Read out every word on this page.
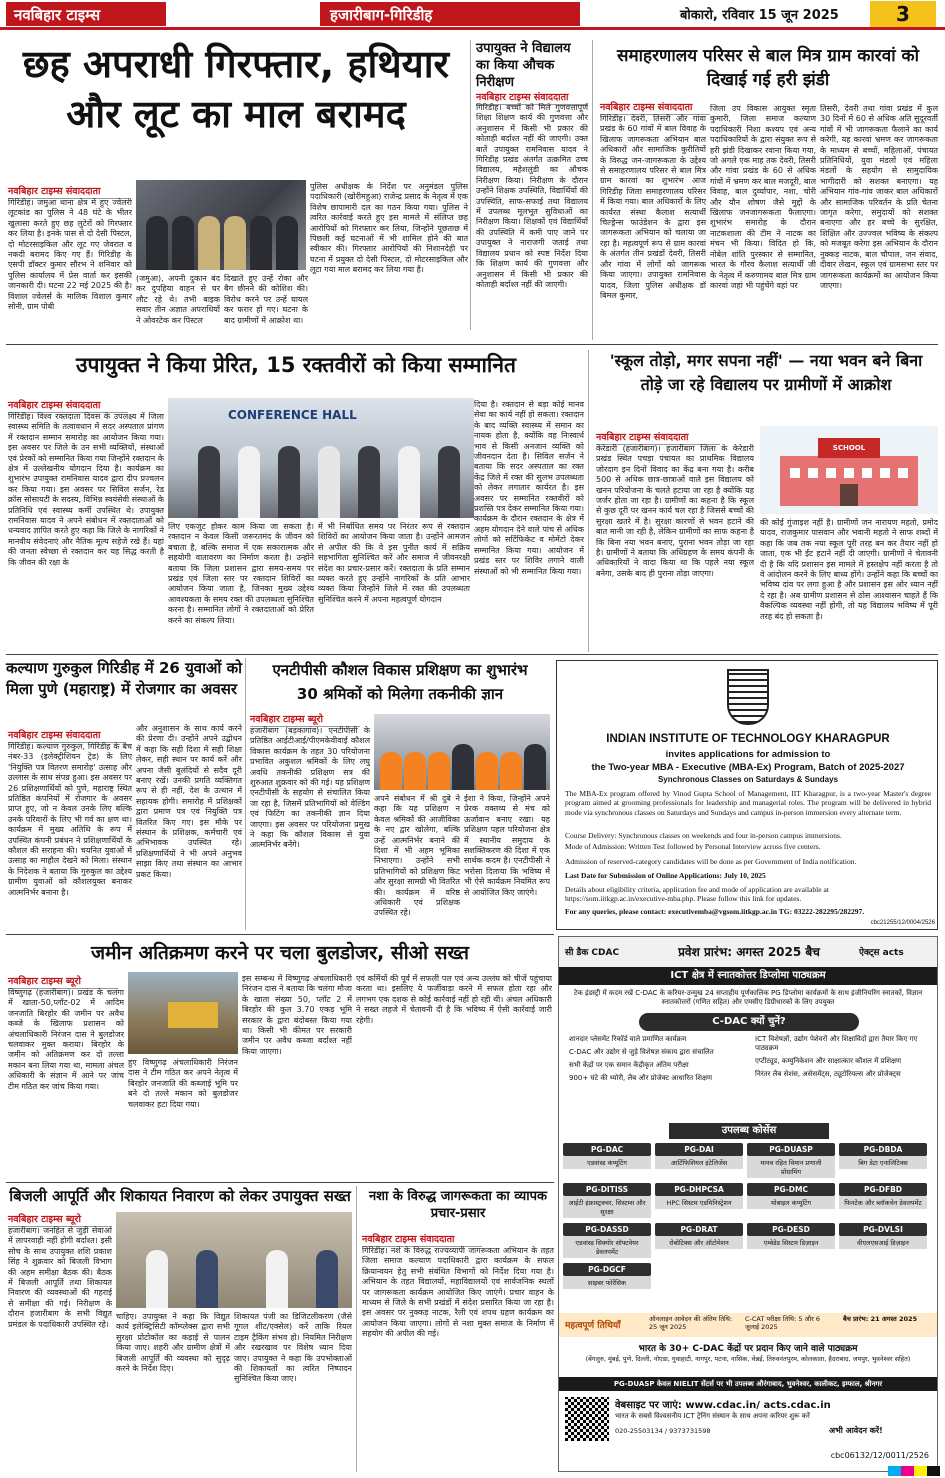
नवबिहार टाइम्स	हजारीबाग-गिरिडीह	बोकारो, रविवार 15 जून 2025	3
छह अपराधी गिरफ्तार, हथियार
और लूट का माल बरामद
नवबिहार टाइम्स संवाददाता
गिरिडीह। जमुआ थाना क्षेत्र में हुए ज्वेलरी लूटकांड का पुलिस ने 48 घंटे के भीतर खुलासा करते हुए छह लुटेरों को गिरफ्तार कर लिया है। इनके पास से दो देसी पिस्टल, दो मोटरसाइकिल और लूट गए जेवरात व नकदी बरामद किए गए हैं। गिरिडीह के एसपी डॉक्टर कुमार सौरभ ने शनिवार को पुलिस कार्यालय में प्रेस वार्ता कर इसकी जानकारी दी। घटना 22 मई 2025 की है। विशाल ज्वेलर्स के मालिक विशाल कुमार सोनी, ग्राम पोबी
(जमुआ), अपनी दुकान बंद कर दुपहिया वाहन से घर लौट रहे थे। तभी बाइक सवार तीन अज्ञात अपराधियों ने ओवरटेक कर पिस्टल
दिखाते हुए उन्हें रोका और बैग छीनने की कोशिश की। विरोध करने पर उन्हें घायल कर फरार हो गए। घटना के बाद ग्रामीणों में आक्रोश था।
पुलिस अधीक्षक के निर्देश पर अनुमंडल पुलिस पदाधिकारी (खोरीमहुआ) राजेन्द्र प्रसाद के नेतृत्व में एक विशेष छापामारी दल का गठन किया गया। पुलिस ने त्वरित कार्रवाई करते हुए इस मामले में संलिप्त छह आरोपियों को गिरफ्तार कर लिया, जिन्होंने पूछताछ में पिछली कई घटनाओं में भी शामिल होने की बात स्वीकार की। गिरफ्तार आरोपियों की निशानदेही पर घटना में प्रयुक्त दो देसी पिस्टल, दो मोटरसाइकिल और लूटा गया माल बरामद कर लिया गया है।
उपायुक्त ने विद्यालय का किया औचक निरीक्षण
नवबिहार टाइम्स संवाददाता
गिरिडीह। बच्चों को मिले गुणवत्तापूर्ण शिक्षा शिक्षण कार्य की गुणवत्ता और अनुशासन में किसी भी प्रकार की कोताही बर्दाश्त नहीं की जाएगी। उक्त बातें उपायुक्त रामनिवास यादव ने गिरिडीह प्रखंड अंतर्गत उत्क्रमित उच्च विद्यालय, महेशलुंडी का औचक निरीक्षण किया। निरीक्षण के दौरान उन्होंने शिक्षक उपस्थिति, विद्यार्थियों की उपस्थिति, साफ-सफाई तथा विद्यालय में उपलब्ध मूलभूत सुविधाओं का निरीक्षण किया। शिक्षकों एवं विद्यार्थियों की उपस्थिति में कमी पाए जाने पर उपायुक्त ने नाराजगी जताई तथा विद्यालय प्रधान को स्पष्ट निर्देश दिया कि शिक्षण कार्य की गुणवत्ता और अनुशासन में किसी भी प्रकार की कोताही बर्दाश्त नहीं की जाएगी।
समाहरणालय परिसर से बाल मित्र ग्राम कारवां को दिखाई गई हरी झंडी
नवबिहार टाइम्स संवाददाता
गिरिडीह। देवरी, तिसरी और गांवा प्रखंड के 60 गांवों में बाल विवाह के खिलाफ जागरूकता अभियान बाल अधिकारों और सामाजिक कुरीतियों के विरुद्ध जन-जागरूकता के उद्देश्य से समाहरणालय परिसर से बाल मित्र ग्राम कारवां का शुभारंभ आज गिरिडीह जिला समाहरणालय परिसर में किया गया। बाल अधिकारों के लिए कार्यरत संस्था कैलाश सत्यार्थी चिल्ड्रेन्स फाउंडेशन के द्वारा इस जागरूकता अभियान को चलाया जा रहा है। महत्वपूर्ण रूप से ग्राम कारवां के अंतर्गत तीन प्रखंडों देवरी, तिसरी और गांवा में लोगों को जागरूक किया जाएगा। उपायुक्त रामनिवास यादव, जिला पुलिस अधीक्षक डॉ बिमल कुमार,
जिला उप विकास आयुक्त स्मृता कुमारी, जिला समाज कल्याण पदाधिकारी निशा कश्यप एवं अन्य पदाधिकारियों के द्वारा संयुक्त रूप से हरी झंडी दिखाकर रवाना किया गया, जो अगले एक माह तक देवरी, तिसरी और गांवा प्रखंड के 60 से अधिक गांवों में भ्रमण कर बाल मजदूरी, बाल विवाह, बाल दुर्व्यापार, नशा, चोरी और यौन शोषण जैसे मुद्दों के खिलाफ जनजागरूकता फैलाएगा। शुभारंभ समारोह के दौरान नाटकशाला की टीम ने नाटक का मंचन भी किया। विदित हो कि, नोबेल शांति पुरस्कार से सम्मानित, भारत के गौरव कैलाश सत्यार्थी जी के नेतृत्व में करुणामय बाल मित्र ग्राम कारवां जहां भी पहुंचेंगे वहां पर
तिसरी, देवरी तथा गांवा प्रखंड में कुल 30 दिनों में 60 से अधिक अति सुदूरवर्ती गांवों में भी जागरूकता फैलाने का कार्य करेगी, यह कारवां भ्रमण कर जागरूकता के माध्यम से बच्चों, महिलाओं, पंचायत प्रतिनिधियों, युवा मंडलों एवं महिला मंडलों के सहयोग से सामुदायिक भागीदारी को सशक्त बनाएगा। यह अभियान गांव-गांव जाकर बाल अधिकारों और सामाजिक परिवर्तन के प्रति चेतना जागृत करेगा, समुदायों को सशक्त बनाएगा और हर बच्चे के सुरक्षित, शिक्षित और उज्ज्वल भविष्य के संकल्प को मजबूत करेगा इस अभियान के दौरान नुक्कड़ नाटक, बाल चौपाल, जन संवाद, दीवार लेखन, स्कूल एवं ग्रामसभा स्तर पर जागरूकता कार्यक्रमों का आयोजन किया जाएगा।
उपायुक्त ने किया प्रेरित, 15 रक्तवीरों को किया सम्मानित
नवबिहार टाइम्स संवाददाता
गिरिडीह। विश्व रक्तदाता दिवस के उपलक्ष्य में जिला स्वास्थ्य समिति के तत्वावधान में सदर अस्पताल प्रांगण में रक्तदान सम्मान समारोह का आयोजन किया गया। इस अवसर पर जिले के उन सभी व्यक्तियों, संस्थाओं एवं प्रेरकों को सम्मानित किया गया जिन्होंने रक्तदान के क्षेत्र में उल्लेखनीय योगदान दिया है। कार्यक्रम का शुभारंभ उपायुक्त रामनिवास यादव द्वारा दीप प्रज्वलन कर किया गया। इस अवसर पर सिविल सर्जन, रेड क्रॉस सोसायटी के सदस्य, विभिन्न स्वयंसेवी संस्थाओं के प्रतिनिधि एवं स्वास्थ्य कर्मी उपस्थित थे। उपायुक्त रामनिवास यादव ने अपने संबोधन में रक्तदाताओं को धन्यवाद ज्ञापित करते हुए कहा कि जिले के नागरिकों ने मानवीय संवेदनाएं और नैतिक मूल्य सहेजे रखे हैं। यहां की जनता स्वेच्छा से रक्तदान कर यह सिद्ध करती है कि जीवन की रक्षा के
CONFERENCE HALL
लिए एकजुट होकर काम किया जा सकता है। रक्तदान न केवल किसी जरूरतमंद के जीवन को बचाता है, बल्कि समाज में एक सकारात्मक और सहयोगी वातावरण का निर्माण करता है। उन्होंने बताया कि जिला प्रशासन द्वारा समय-समय पर प्रखंड एवं जिला स्तर पर रक्तदान शिविरों का आयोजन किया जाता है, जिनका मुख्य उद्देश्य आवश्यकता के समय रक्त की उपलब्धता सुनिश्चित करना है। सम्मानित लोगों ने रक्तदाताओं को प्रेरित करने का संकल्प लिया।
में भी निर्बाधित समय पर निरंतर रूप से रक्तदान शिविरों का आयोजन किया जाता है। उन्होंने आमजन से अपील की कि वे इस पुनीत कार्य में सक्रिय सहभागिता सुनिश्चित करें और समाज में जीवनरक्षी संदेश का प्रचार-प्रसार करें। रक्तदाता के प्रति सम्मान व्यक्त करते हुए उन्होंने नागरिकों के प्रति आभार व्यक्त किया जिन्होंने जिले में रक्त की उपलब्धता सुनिश्चित करने में अपना महत्वपूर्ण योगदान
दिया है। रक्तदान से बड़ा कोई मानव सेवा का कार्य नहीं हो सकता। रक्तदान के बाद व्यक्ति स्वास्थ्य में समान का नायक होता है, क्योंकि वह निःस्वार्थ भाव से किसी अनजान व्यक्ति को जीवनदान देता है। सिविल सर्जन ने बताया कि सदर अस्पताल का रक्त केंद्र जिले में रक्त की सुलभ उपलब्धता को लेकर लगातार कार्यरत है। इस अवसर पर सम्मानित रक्तवीरों को प्रशस्ति पत्र देकर सम्मानित किया गया। कार्यक्रम के दौरान रक्तदान के क्षेत्र में अहम योगदान देने वाले पांच से अधिक लोगों को सर्टिफिकेट व मोमेंटो देकर सम्मानित किया गया। आयोजन में प्रखंड स्तर पर शिविर लगाने वाली संस्थाओं को भी सम्मानित किया गया।
'स्कूल तोड़ो, मगर सपना नहीं' — नया भवन बने बिना
तोड़े जा रहे विद्यालय पर ग्रामीणों में आक्रोश
नवबिहार टाइम्स संवाददाता
केरेडारी (हजारीबाग)। हजारीबाग जिला के केरेडारी प्रखंड स्थित पचड़ा पंचायत का प्राथमिक विद्यालय जोरदाग इन दिनों विवाद का केंद्र बना गया है। करीब 500 से अधिक छात्र-छात्राओं वाले इस विद्यालय को खनन परियोजना के चलते हटाया जा रहा है क्योंकि यह जर्जर होता जा रहा है। ग्रामीणों का कहना है कि स्कूल से कुछ दूरी पर खनन कार्य चल रहा है जिससे बच्चों की सुरक्षा खतरे में है। सुरक्षा कारणों से भवन हटाने की बात मानी जा रही है, लेकिन ग्रामीणों का साफ कहना है कि बिना नया भवन बनाए, पुराना भवन तोड़ा जा रहा है। ग्रामीणों ने बताया कि अधिग्रहण के समय कंपनी के अधिकारियों ने वादा किया था कि पहले नया स्कूल बनेगा, उसके बाद ही पुराना तोड़ा जाएगा।
SCHOOL
की कोई गुंजाइश नहीं है। ग्रामीणों जन नारायण महतो, प्रमोद यादव, राजकुमार पासवान और भवानी महतो ने साफ शब्दों में कहा कि जब तक नया स्कूल पूरी तरह बन कर तैयार नहीं हो जाता, एक भी ईंट हटाने नहीं दी जाएगी। ग्रामीणों ने चेतावनी दी है कि यदि प्रशासन इस मामले में हस्तक्षेप नहीं करता है तो वे आंदोलन करने के लिए बाध्य होंगे। उन्होंने कहा कि बच्चों का भविष्य दांव पर लगा हुआ है और प्रशासन इस ओर ध्यान नहीं दे रहा है। अब ग्रामीण प्रशासन से ठोस आश्वासन चाहते हैं कि वैकल्पिक व्यवस्था नहीं होगी, तो यह विद्यालय भविष्य में पूरी तरह बंद हो सकता है।
कल्याण गुरुकुल गिरिडीह में 26 युवाओं को मिला पुणे (महाराष्ट्र) में रोजगार का अवसर
नवबिहार टाइम्स संवाददाता
गिरिडीह। कल्याण गुरुकुल, गिरिडीह के बैच नंबर-33 (इलेक्ट्रीशियन ट्रेड) के लिए 'नियुक्ति पत्र वितरण समारोह' उत्साह और उल्लास के साथ संपन्न हुआ। इस अवसर पर 26 प्रशिक्षणार्थियों को पुणे, महाराष्ट्र स्थित प्रतिष्ठित कंपनियों में रोजगार के अवसर प्राप्त हुए, जो न केवल उनके लिए बल्कि उनके परिवारों के लिए भी गर्व का क्षण था। कार्यक्रम में मुख्य अतिथि के रूप में उपस्थित कंपनी प्रबंधन ने प्रशिक्षणार्थियों के कौशल की सराहना की। चयनित युवाओं में उत्साह का माहौल देखने को मिला। संस्थान के निदेशक ने बताया कि गुरुकुल का उद्देश्य ग्रामीण युवाओं को कौशलयुक्त बनाकर आत्मनिर्भर बनाना है।
और अनुशासन के साथ कार्य करने की प्रेरणा दी। उन्होंने अपने उद्बोधन में कहा कि सही दिशा में सही शिक्षा लेकर, सही स्थान पर कार्य करें और अपना जैसी बुलंदियों से सदैव दूरी बनाए रखें। उनकी प्रगति व्यक्तिगत रूप से ही नहीं, देश के उत्थान में सहायक होगी। समारोह में प्रशिक्षकों द्वारा प्रमाण पत्र एवं नियुक्ति पत्र वितरित किए गए। इस मौके पर संस्थान के प्रशिक्षक, कर्मचारी एवं अभिभावक उपस्थित रहे। प्रशिक्षणार्थियों ने भी अपने अनुभव साझा किए तथा संस्थान का आभार प्रकट किया।
एनटीपीसी कौशल विकास प्रशिक्षण का शुभारंभ
30 श्रमिकों को मिलेगा तकनीकी ज्ञान
नवबिहार टाइम्स ब्यूरो
हजारीबाग (बड़कागांव)। एनटीपीसी के प्रतिष्ठित आईटीआई/पीएमकेवीवाई कौशल विकास कार्यक्रम के तहत 30 परियोजना प्रभावित अकुशल श्रमिकों के लिए लघु अवधि तकनीकी प्रशिक्षण सत्र की शुरुआत शुक्रवार को की गई। यह प्रशिक्षण एनटीपीसी के सहयोग से संचालित किया जा रहा है, जिसमें प्रतिभागियों को वेल्डिंग एवं फिटिंग का तकनीकी ज्ञान दिया जाएगा। इस अवसर पर परियोजना प्रमुख ने कहा कि कौशल विकास से युवा आत्मनिर्भर बनेंगे।
अपने संबोधन में श्री दुबे ने कहा कि यह प्रशिक्षण न केवल श्रमिकों की आजीविका के नए द्वार खोलेगा, बल्कि उन्हें आत्मनिर्भर बनाने की दिशा में भी अहम भूमिका निभाएगा। उन्होंने सभी प्रतिभागियों को प्रशिक्षण किट और सुरक्षा सामग्री भी वितरित की। कार्यक्रम में वरिष्ठ अधिकारी एवं प्रशिक्षक उपस्थित रहे।
ईशा ने किया, जिन्होंने अपने प्रेरक वक्तव्य से मंच को ऊर्जावान बनाए रखा। यह प्रशिक्षण पहल परियोजना क्षेत्र में स्थानीय समुदाय के सशक्तिकरण की दिशा में एक सार्थक कदम है। एनटीपीसी ने भरोसा दिलाया कि भविष्य में भी ऐसे कार्यक्रम नियमित रूप से आयोजित किए जाएंगे।
INDIAN INSTITUTE OF TECHNOLOGY KHARAGPUR
invites applications for admission to
the Two-year MBA - Executive (MBA-Ex) Program, Batch of 2025-2027
Synchronous Classes on Saturdays & Sundays
The MBA-Ex program offered by Vinod Gupta School of Management, IIT Kharagpur, is a two-year Master's degree program aimed at grooming professionals for leadership and managerial roles. The program will be delivered in hybrid mode via synchronous classes on Saturdays and Sundays and campus in-person immersion every alternate term.
Course Delivery: Synchronous classes on weekends and four in-person campus immersions.
Mode of Admission: Written Test followed by Personal Interview across five centers.
Admission of reserved-category candidates will be done as per Government of India notification.
Last Date for Submission of Online Applications: July 10, 2025
Details about eligibility criteria, application fee and mode of application are available at https://som.iitkgp.ac.in/executive-mba.php. Please follow this link for updates.
For any queries, please contact: executivemba@vgsom.iitkgp.ac.in TG: 03222-282295/282297.
cbc21255/12/0004/2526
जमीन अतिक्रमण करने पर चला बुलडोजर, सीओ सख्त
नवबिहार टाइम्स ब्यूरो
विष्णुगढ़ (हजारीबाग)। प्रखंड के चलंगा में खाता-50,प्लॉट-02 में आदिम जनजाति बिरहोर की जमीन पर अवैध कब्जे के खिलाफ प्रशासन को अंचलाधिकारी निरंजन दास ने बुलडोजर चलवाकर मुक्त कराया। बिरहोर के जमीन को अतिक्रमण कर दो तल्ला मकान बना लिया गया था, मामला अंचल अधिकारी के संज्ञान में आने पर जांच टीम गठित कर जांच किया गया।
हुए विष्णुगढ़ अंचलाधिकारी निरंजन दास ने टीम गठित कर अपने नेतृत्व में बिरहोर जनजाति की कब्जाई भूमि पर बने दो तल्ले मकान को बुलडोजर चलवाकर हटा दिया गया।
इस सम्बन्ध में विष्णुगढ़ अंचलाधिकारी निरंजन दास ने बताया कि चलंगा मौजा के खाता संख्या 50, प्लॉट 2 में बिरहोर की कुल 3.70 एकड़ भूमि सरकार के द्वारा बंदोबस्त किया गया था। किसी भी कीमत पर सरकारी जमीन पर अवैध कब्जा बर्दाश्त नहीं किया जाएगा।
एवं कर्मियों की पूर्व में सफली पल एवं अन्य उल्लंघ को चीजें पहुंचाया करता था। इसलिए ये फर्जीवाड़ा करने में सफल होता रहा और लगभग एक दशक से कोई कार्रवाई नहीं हो रही थी। अंचल अधिकारी ने सख्त लहजे में चेतावनी दी है कि भविष्य में ऐसी कार्रवाई जारी रहेगी।
बिजली आपूर्ति और शिकायत निवारण को लेकर उपायुक्त सख्त
नवबिहार टाइम्स ब्यूरो
हजारीबाग। जनहित से जुड़ी सेवाओं में लापरवाही नहीं होगी बर्दाश्त। इसी सोच के साथ उपायुक्त शशि प्रकाश सिंह ने शुक्रवार को बिजली विभाग की अहम समीक्षा बैठक की। बैठक में बिजली आपूर्ति तथा शिकायत निवारण की व्यवस्थाओं की गहराई से समीक्षा की गई। निरीक्षण के दौरान हजारीबाग के सभी विद्युत प्रमंडल के पदाधिकारी उपस्थित रहे।
चाहिए। उपायुक्त ने कहा कि विद्युत कार्य इलेक्ट्रिसिटी कॉम्प्लेक्स द्वारा सभी सुरक्षा प्रोटोकॉल का कड़ाई से पालन किया जाए। शहरी और ग्रामीण क्षेत्रों में बिजली आपूर्ति की व्यवस्था को सुदृढ़ करने के निर्देश दिए।
शिकायत पंजी का डिजिटलीकरण (जैसे गूगल शीट/एक्सेल) करें ताकि रियल टाइम ट्रैकिंग संभव हो। नियमित निरीक्षण और रखरखाव पर विशेष ध्यान दिया जाए। उपायुक्त ने कहा कि उपभोक्ताओं की शिकायतों का त्वरित निष्पादन सुनिश्चित किया जाए।
नशा के विरुद्ध जागरूकता का व्यापक प्रचार-प्रसार
नवबिहार टाइम्स संवाददाता
गिरिडीह। नशे के विरुद्ध राज्यव्यापी जागरूकता अभियान के तहत जिला समाज कल्याण पदाधिकारी द्वारा कार्यक्रम के सफल क्रियान्वयन हेतु सभी संबंधित विभागों को निर्देश दिया गया है। अभियान के तहत विद्यालयों, महाविद्यालयों एवं सार्वजनिक स्थलों पर जागरूकता कार्यक्रम आयोजित किए जाएंगे। प्रचार वाहन के माध्यम से जिले के सभी प्रखंडों में संदेश प्रसारित किया जा रहा है। इस अवसर पर नुक्कड़ नाटक, रैली एवं शपथ ग्रहण कार्यक्रम का आयोजन किया जाएगा। लोगों से नशा मुक्त समाज के निर्माण में सहयोग की अपील की गई।
सी डैक CDAC	ऐक्ट्स acts
प्रवेश प्रारंभ: अगस्त 2025 बैच
ICT क्षेत्र में स्नातकोत्तर डिप्लोमा पाठ्यक्रम
टेक इंडस्ट्री में कदम रखें C-DAC के करियर-उन्मुख 24 सप्ताहीय पूर्णकालिक PG डिप्लोमा कार्यक्रमों के साथ इंजीनियरिंग स्नातकों, विज्ञान स्नातकोत्तरों (गणित सहित) और एमसीए डिग्रीधारकों के लिए उपयुक्त
C-DAC क्यों चुनें?
शानदार प्लेसमेंट रिकॉर्ड वाले प्रमाणित कार्यक्रम
C-DAC और उद्योग से जुड़े विशेषज्ञ संकाय द्वारा संचालित
सभी केंद्रों पर एक समान केंद्रीकृत अंतिम परीक्षा
900+ घंटे की थ्योरी, लैब और प्रोजेक्ट आधारित शिक्षण
ICT विशेषज्ञों, उद्योग पेशेवरों और शिक्षाविदों द्वारा तैयार किए गए पाठ्यक्रम
एप्टीट्यूड, कम्युनिकेशन और साक्षात्कार कौशल में प्रशिक्षण
निरंतर लैब सेशंस, असेसमेंट्स, ट्यूटोरियल्स और प्रोजेक्ट्स
उपलब्ध कोर्सेस
PG-DAC
एडवांस्ड कंप्यूटिंग
PG-DAI
आर्टिफिशियल इंटेलिजेंस
PG-DUASP
मानव रहित विमान प्रणाली प्रोग्रामिंग
PG-DBDA
बिग डेटा एनालिटिक्स
PG-DITISS
आईटी इंफ्रास्ट्रक्चर, सिस्टम्स और सुरक्षा
PG-DHPCSA
HPC सिस्टम एडमिनिस्ट्रेशन
PG-DMC
मोबाइल कंप्यूटिंग
PG-DFBD
फिनटेक और ब्लॉकचेन डेवलपमेंट
PG-DASSD
एडवांस्ड सिक्योर सॉफ्टवेयर डेवलपमेंट
PG-DRAT
रोबोटिक्स और ऑटोमेशन
PG-DESD
एम्बेडेड सिस्टम डिज़ाइन
PG-DVLSI
वीएलएसआई डिज़ाइन
PG-DGCF
साइबर फोरेंसिक
महत्वपूर्ण तिथियाँ
ऑनलाइन आवेदन की अंतिम तिथि: 25 जून 2025
C-CAT परीक्षा तिथि: 5 और 6 जुलाई 2025
बैच प्रारंभ: 21 अगस्त 2025
भारत के 30+ C-DAC केंद्रों पर प्रदान किए जाने वाले पाठ्यक्रम
(बेंगलुरु, मुंबई, पुणे, दिल्ली, नोएडा, गुवाहाटी, नागपुर, पटना, नासिक, चेन्नई, तिरुवनंतपुरम, कोलकाता, हैदराबाद, जयपुर, भुवनेश्वर सहित)
PG-DUASP केवल NIELIT सेंटर्स पर भी उपलब्ध औरंगाबाद, भुवनेश्वर, कालीकट, इम्फाल, श्रीनगर
वेबसाइट पर जाएं: www.cdac.in/ acts.cdac.in
भारत के सबसे विश्वसनीय ICT ट्रेनिंग संस्थान के साथ अपना करियर शुरू करें
020-25503134 / 9373731598	अभी आवेदन करें!
cbc06132/12/0011/2526
